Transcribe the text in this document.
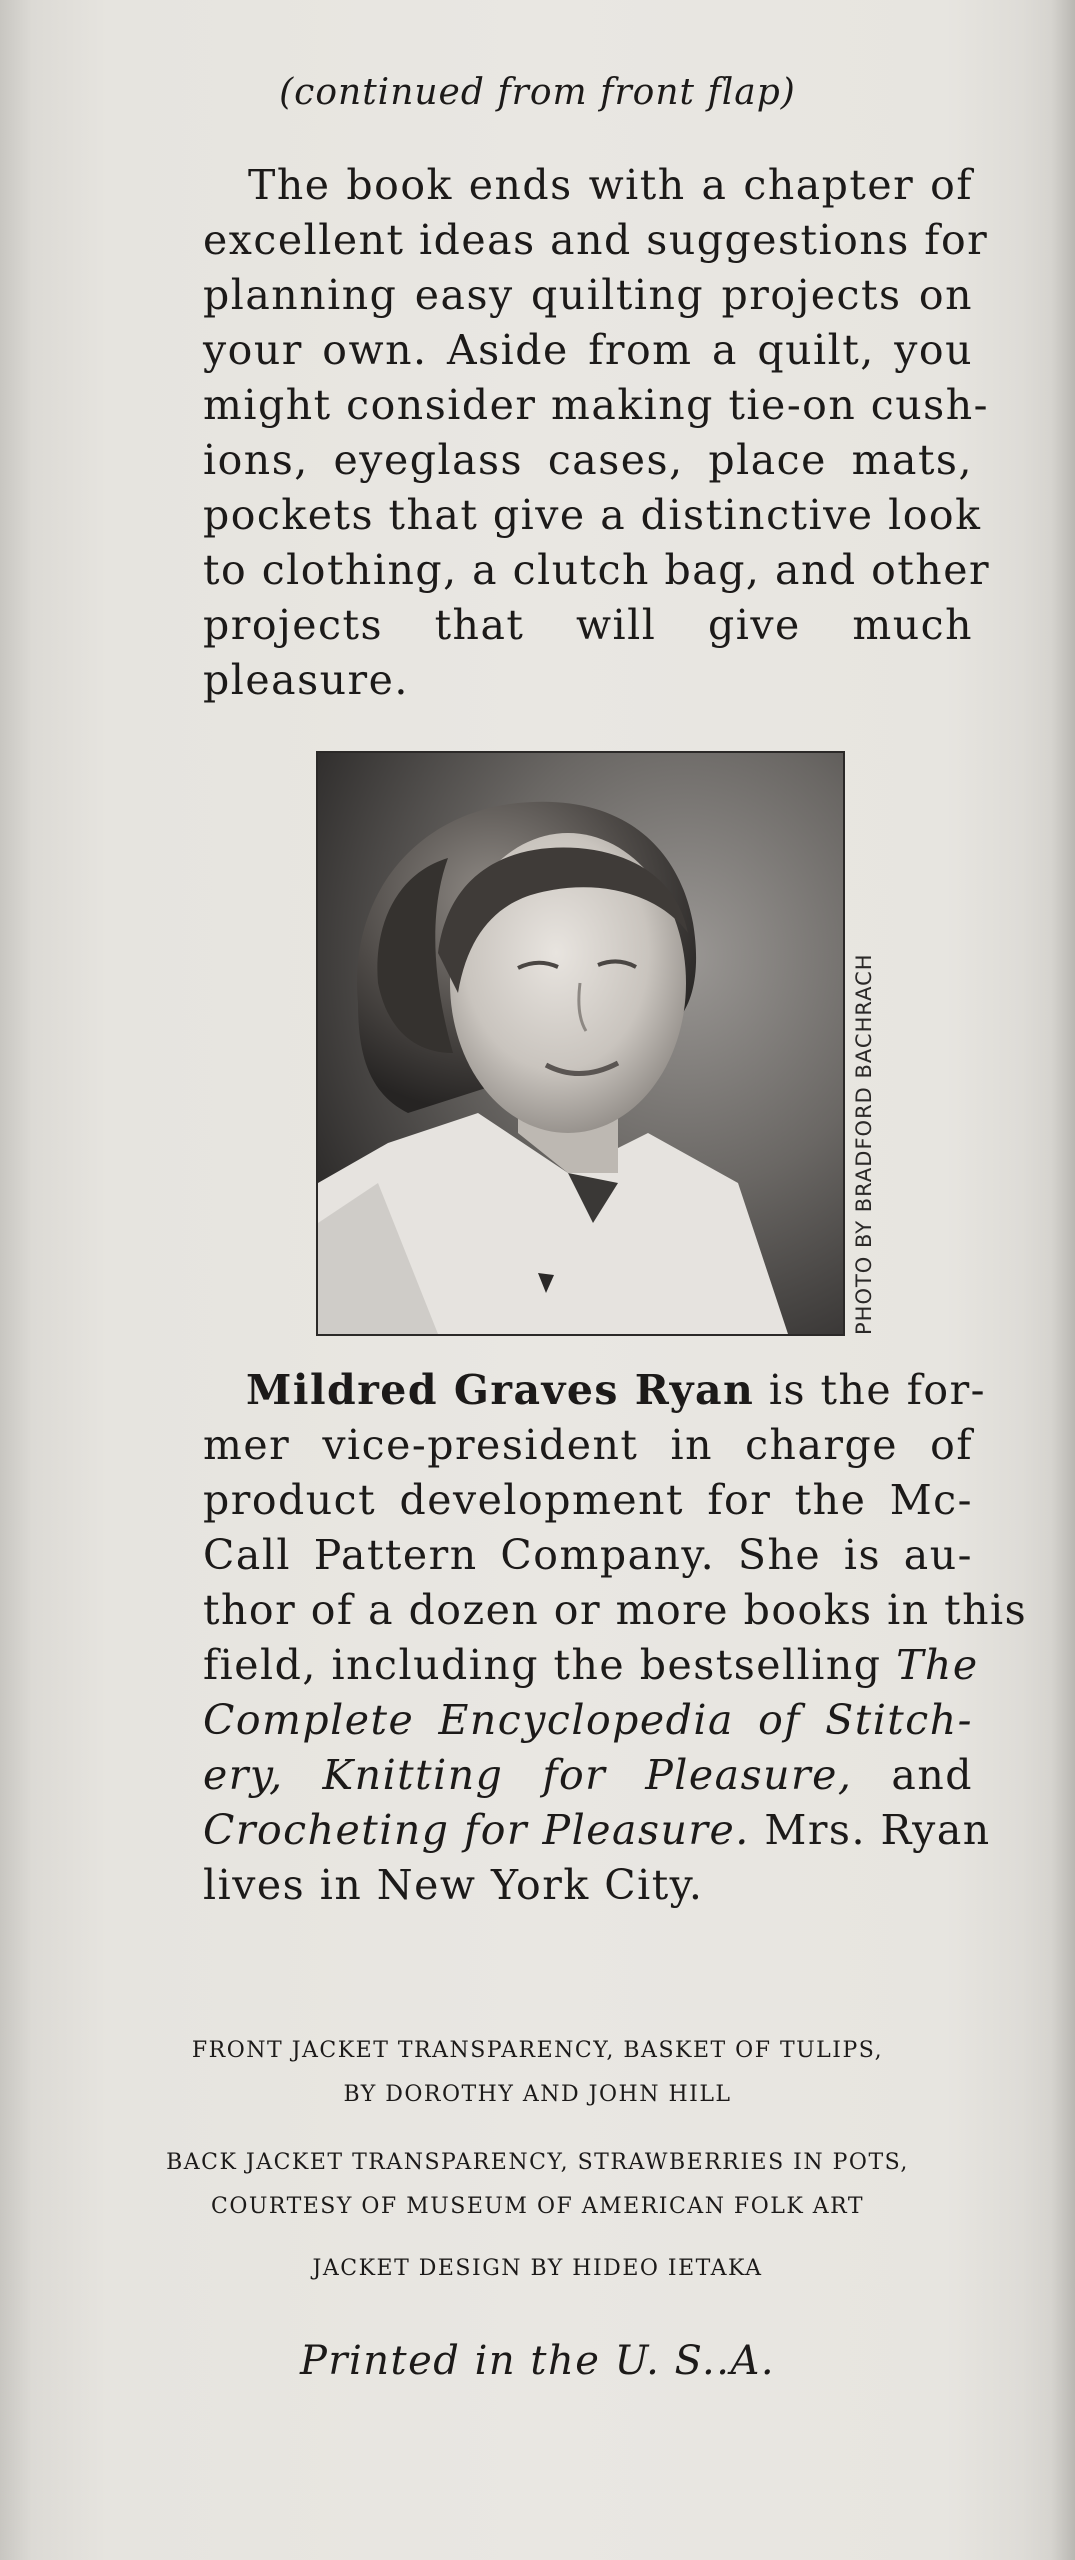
(continued from front flap)
The book ends with a chapter of
excellent ideas and suggestions for
planning easy quilting projects on
your own. Aside from a quilt, you
might consider making tie-on cush-
ions, eyeglass cases, place mats,
pockets that give a distinctive look
to clothing, a clutch bag, and other
projects that will give much
pleasure.
PHOTO BY BRADFORD BACHRACH
Mildred Graves Ryan is the for-
mer vice-president in charge of
product development for the Mc-
Call Pattern Company. She is au-
thor of a dozen or more books in this
field, including the bestselling The
Complete Encyclopedia of Stitch-
ery, Knitting for Pleasure, and
Crocheting for Pleasure. Mrs. Ryan
lives in New York City.
FRONT JACKET TRANSPARENCY, BASKET OF TULIPS,
BY DOROTHY AND JOHN HILL
BACK JACKET TRANSPARENCY, STRAWBERRIES IN POTS,
COURTESY OF MUSEUM OF AMERICAN FOLK ART
JACKET DESIGN BY HIDEO IETAKA
Printed in the U. S..A.
